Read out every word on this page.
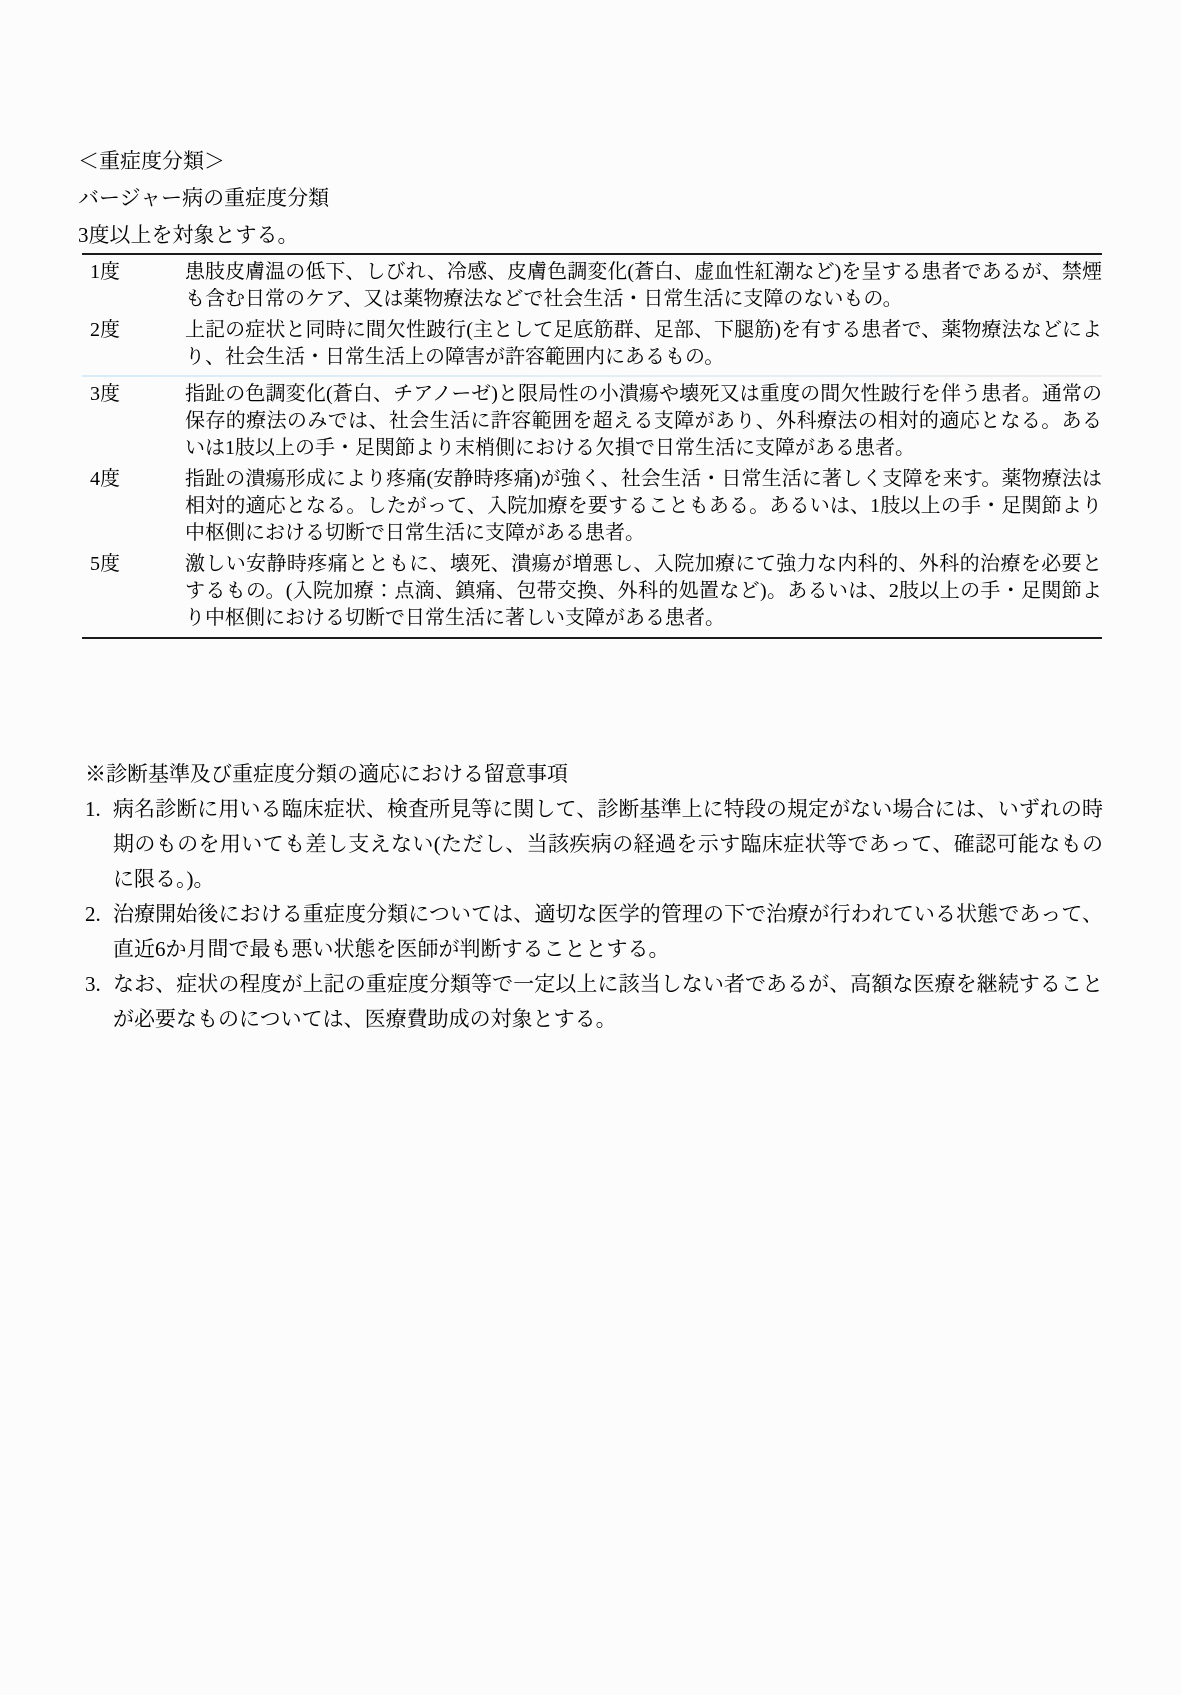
＜重症度分類＞
バージャー病の重症度分類
3度以上を対象とする。
1度	患肢皮膚温の低下、しびれ、冷感、皮膚色調変化(蒼白、虚血性紅潮など)を呈する患者であるが、禁煙も含む日常のケア、又は薬物療法などで社会生活・日常生活に支障のないもの。
2度	上記の症状と同時に間欠性跛行(主として足底筋群、足部、下腿筋)を有する患者で、薬物療法などにより、社会生活・日常生活上の障害が許容範囲内にあるもの。
3度	指趾の色調変化(蒼白、チアノーゼ)と限局性の小潰瘍や壊死又は重度の間欠性跛行を伴う患者。通常の保存的療法のみでは、社会生活に許容範囲を超える支障があり、外科療法の相対的適応となる。あるいは1肢以上の手・足関節より末梢側における欠損で日常生活に支障がある患者。
4度	指趾の潰瘍形成により疼痛(安静時疼痛)が強く、社会生活・日常生活に著しく支障を来す。薬物療法は相対的適応となる。したがって、入院加療を要することもある。あるいは、1肢以上の手・足関節より中枢側における切断で日常生活に支障がある患者。
5度	激しい安静時疼痛とともに、壊死、潰瘍が増悪し、入院加療にて強力な内科的、外科的治療を必要とするもの。(入院加療：点滴、鎮痛、包帯交換、外科的処置など)。あるいは、2肢以上の手・足関節より中枢側における切断で日常生活に著しい支障がある患者。
※診断基準及び重症度分類の適応における留意事項
1. 病名診断に用いる臨床症状、検査所見等に関して、診断基準上に特段の規定がない場合には、いずれの時期のものを用いても差し支えない(ただし、当該疾病の経過を示す臨床症状等であって、確認可能なものに限る。)。
2. 治療開始後における重症度分類については、適切な医学的管理の下で治療が行われている状態であって、直近6か月間で最も悪い状態を医師が判断することとする。
3. なお、症状の程度が上記の重症度分類等で一定以上に該当しない者であるが、高額な医療を継続することが必要なものについては、医療費助成の対象とする。
